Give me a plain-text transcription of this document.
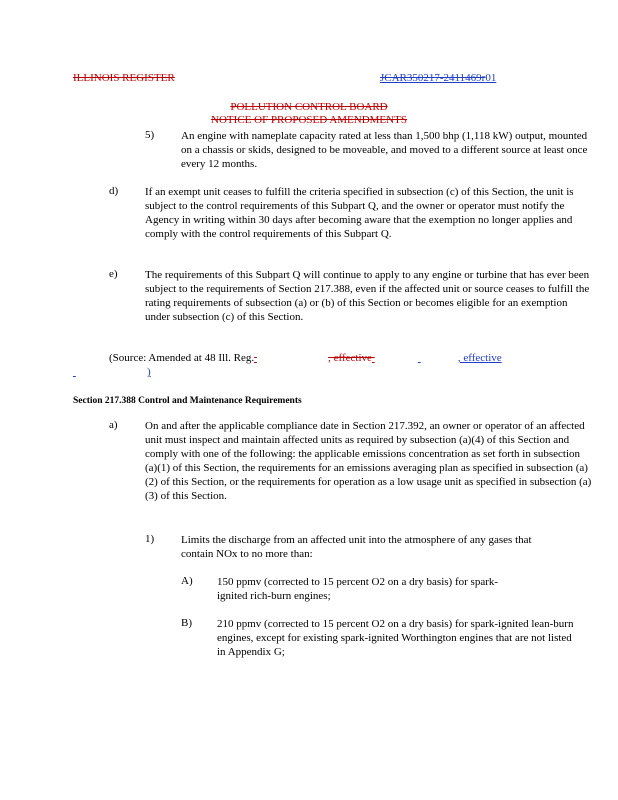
ILLINOIS REGISTER	JCAR350217-2411469r01
POLLUTION CONTROL BOARD
NOTICE OF PROPOSED AMENDMENTS
5) An engine with nameplate capacity rated at less than 1,500 bhp (1,118 kW) output, mounted on a chassis or skids, designed to be moveable, and moved to a different source at least once every 12 months.
d) If an exempt unit ceases to fulfill the criteria specified in subsection (c) of this Section, the unit is subject to the control requirements of this Subpart Q, and the owner or operator must notify the Agency in writing within 30 days after becoming aware that the exemption no longer applies and comply with the control requirements of this Subpart Q.
e) The requirements of this Subpart Q will continue to apply to any engine or turbine that has ever been subject to the requirements of Section 217.388, even if the affected unit or source ceases to fulfill the rating requirements of subsection (a) or (b) of this Section or becomes eligible for an exemption under subsection (c) of this Section.
(Source: Amended at 48 Ill. Reg.	, effective	, effective
)
Section 217.388 Control and Maintenance Requirements
a) On and after the applicable compliance date in Section 217.392, an owner or operator of an affected unit must inspect and maintain affected units as required by subsection (a)(4) of this Section and comply with one of the following: the applicable emissions concentration as set forth in subsection (a)(1) of this Section, the requirements for an emissions averaging plan as specified in subsection (a)(2) of this Section, or the requirements for operation as a low usage unit as specified in subsection (a)(3) of this Section.
1) Limits the discharge from an affected unit into the atmosphere of any gases that contain NOx to no more than:
A) 150 ppmv (corrected to 15 percent O2 on a dry basis) for spark-ignited rich-burn engines;
B) 210 ppmv (corrected to 15 percent O2 on a dry basis) for spark-ignited lean-burn engines, except for existing spark-ignited Worthington engines that are not listed in Appendix G;
